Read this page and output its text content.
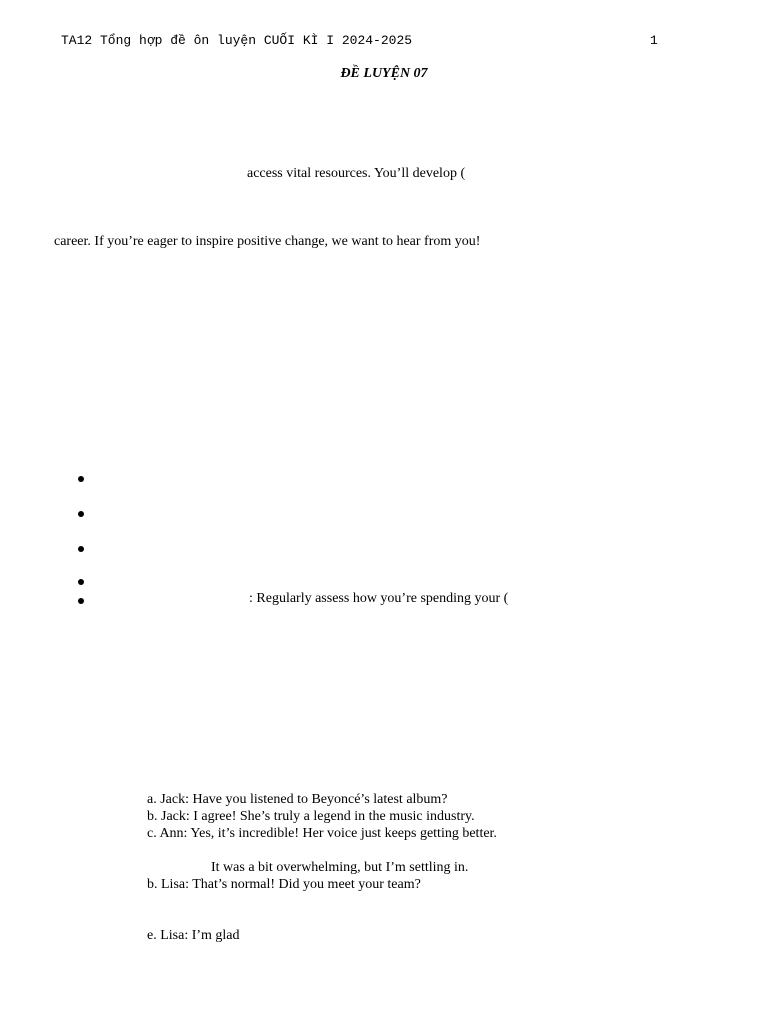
TA12 Tổng hợp đề ôn luyện CUỐI KÌ I 2024-2025	1
ĐỀ LUYỆN 07
access vital resources. You’ll develop (
career. If you’re eager to inspire positive change, we want to hear from you!
: Regularly assess how you’re spending your (
a. Jack: Have you listened to Beyoncé’s latest album?
b. Jack: I agree! She’s truly a legend in the music industry.
c. Ann: Yes, it’s incredible! Her voice just keeps getting better.
It was a bit overwhelming, but I’m settling in.
b. Lisa: That’s normal! Did you meet your team?
e. Lisa: I’m glad
